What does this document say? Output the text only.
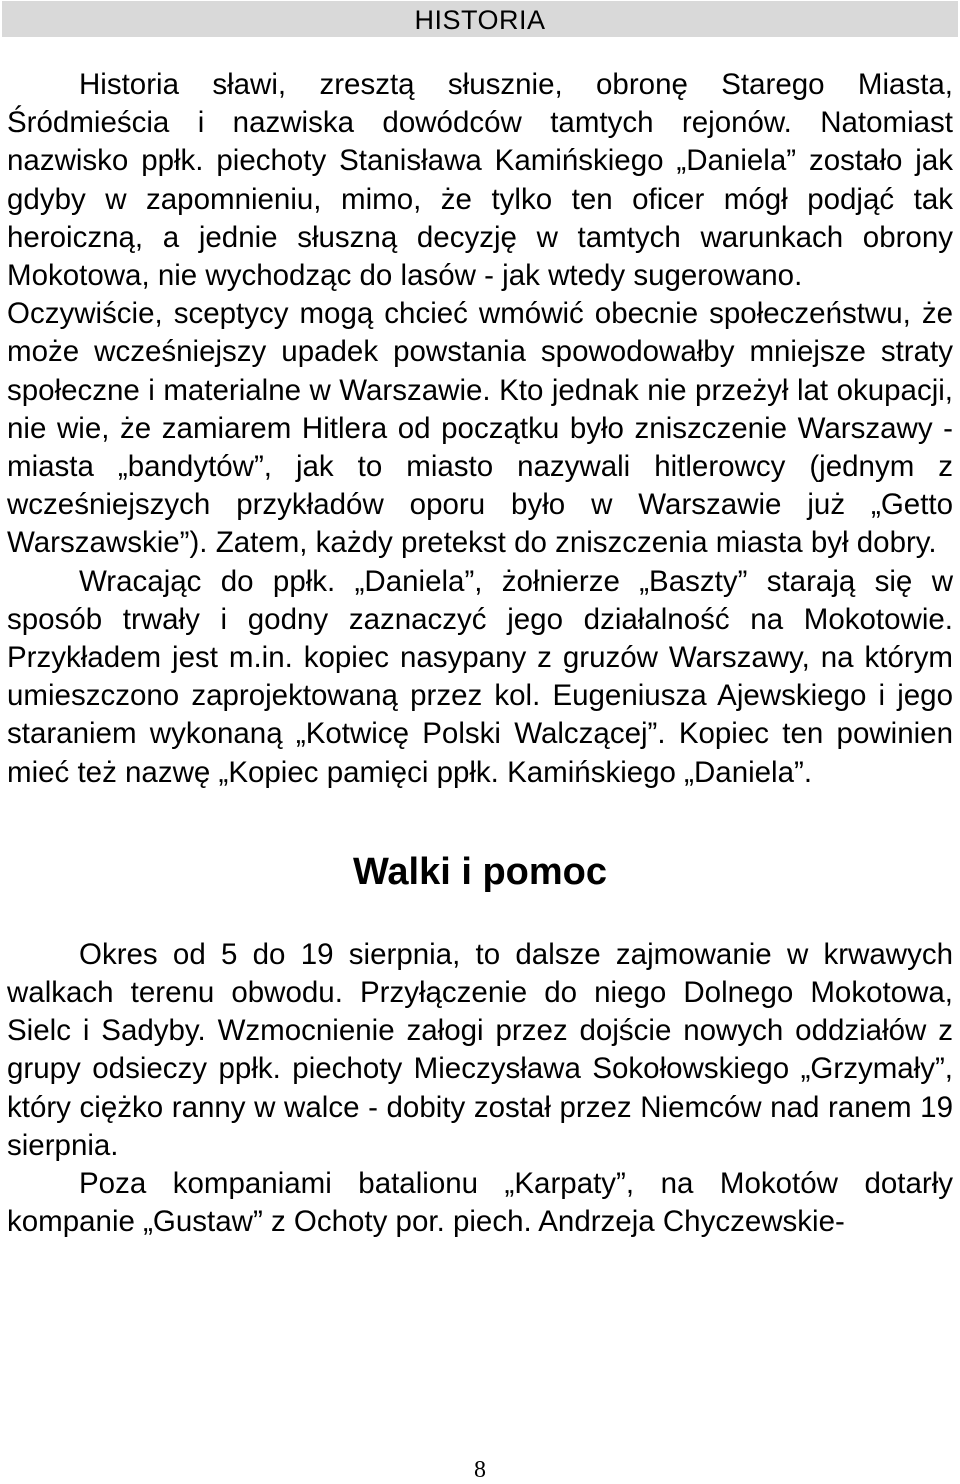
HISTORIA

Historia sławi, zresztą słusznie, obronę Starego Miasta, Śródmieścia i nazwiska dowódców tamtych rejonów. Natomiast nazwisko ppłk. piechoty Stanisława Kamińskiego „Daniela” zostało jak gdyby w zapomnieniu, mimo, że tylko ten oficer mógł podjąć tak heroiczną, a jednie słuszną decyzję w tamtych warunkach obrony Mokotowa, nie wychodząc do lasów - jak wtedy sugerowano.

Oczywiście, sceptycy mogą chcieć wmówić obecnie społeczeństwu, że może wcześniejszy upadek powstania spowodowałby mniejsze straty społeczne i materialne w Warszawie. Kto jednak nie przeżył lat okupacji, nie wie, że zamiarem Hitlera od początku było zniszczenie Warszawy - miasta „bandytów”, jak to miasto nazywali hitlerowcy (jednym z wcześniejszych przykładów oporu było w Warszawie już „Getto Warszawskie”). Zatem, każdy pretekst do zniszczenia miasta był dobry.

Wracając do ppłk. „Daniela”, żołnierze „Baszty” starają się w sposób trwały i godny zaznaczyć jego działalność na Mokotowie. Przykładem jest m.in. kopiec nasypany z gruzów Warszawy, na którym umieszczono zaprojektowaną przez kol. Eugeniusza Ajewskiego i jego staraniem wykonaną „Kotwicę Polski Walczącej”. Kopiec ten powinien mieć też nazwę „Kopiec pamięci ppłk. Kamińskiego „Daniela”.

Walki i pomoc

Okres od 5 do 19 sierpnia, to dalsze zajmowanie w krwawych walkach terenu obwodu. Przyłączenie do niego Dolnego Mokotowa, Sielc i Sadyby. Wzmocnienie załogi przez dojście nowych oddziałów z grupy odsieczy ppłk. piechoty Mieczysława Sokołowskiego „Grzymały”, który ciężko ranny w walce - dobity został przez Niemców nad ranem 19 sierpnia.

Poza kompaniami batalionu „Karpaty”, na Mokotów dotarły kompanie „Gustaw” z Ochoty por. piech. Andrzeja Chyczewskie-

8
